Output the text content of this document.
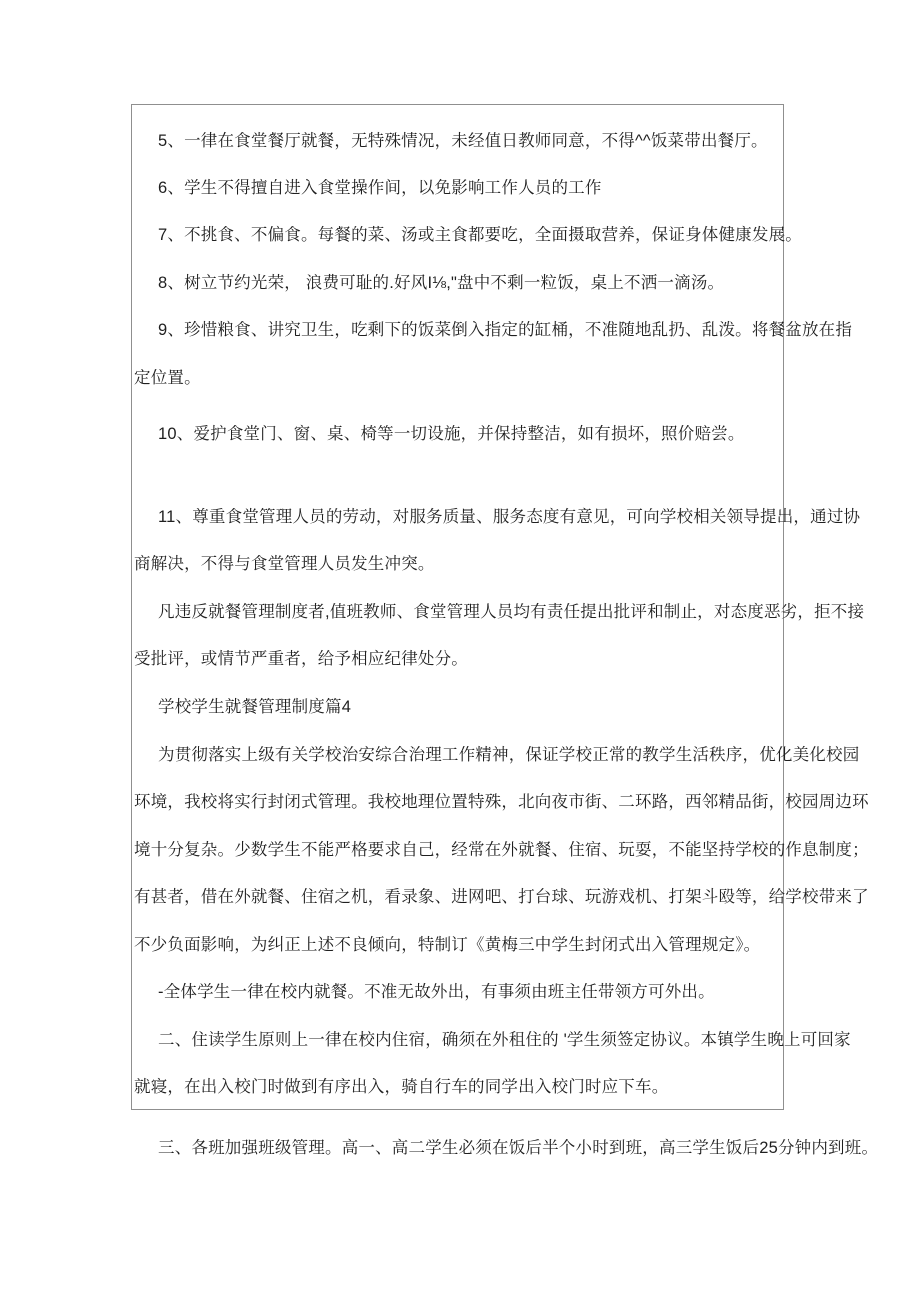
5、一律在食堂餐厅就餐，无特殊情况，未经值日教师同意，不得^^饭菜带出餐厅。
6、学生不得擅自进入食堂操作间，以免影响工作人员的工作
7、不挑食、不偏食。每餐的菜、汤或主食都要吃，全面摄取营养，保证身体健康发展。
8、树立节约光荣， 浪费可耻的.好风I⅛,"盘中不剩一粒饭，桌上不洒一滴汤。
9、珍惜粮食、讲究卫生，吃剩下的饭菜倒入指定的缸桶，不准随地乱扔、乱泼。将餐盆放在指
定位置。
10、爱护食堂门、窗、桌、椅等一切设施，并保持整洁，如有损坏，照价赔尝。
11、尊重食堂管理人员的劳动，对服务质量、服务态度有意见，可向学校相关领导提出，通过协
商解决，不得与食堂管理人员发生冲突。
凡违反就餐管理制度者,值班教师、食堂管理人员均有责任提出批评和制止，对态度恶劣，拒不接
受批评，或情节严重者，给予相应纪律处分。
学校学生就餐管理制度篇4
为贯彻落实上级有关学校治安综合治理工作精神，保证学校正常的教学生活秩序，优化美化校园
环境，我校将实行封闭式管理。我校地理位置特殊，北向夜市街、二环路，西邻精品街，校园周边环
境十分复杂。少数学生不能严格要求自己，经常在外就餐、住宿、玩耍，不能坚持学校的作息制度；
有甚者，借在外就餐、住宿之机，看录象、进网吧、打台球、玩游戏机、打架斗殴等，给学校带来了
不少负面影响，为纠正上述不良倾向，特制订《黄梅三中学生封闭式出入管理规定》。
-全体学生一律在校内就餐。不准无故外出，有事须由班主任带领方可外出。
二、住读学生原则上一律在校内住宿，确须在外租住的 '学生须签定协议。本镇学生晚上可回家
就寝，在出入校门时做到有序出入，骑自行车的同学出入校门时应下车。
三、各班加强班级管理。高一、高二学生必须在饭后半个小时到班，高三学生饭后25分钟内到班。
